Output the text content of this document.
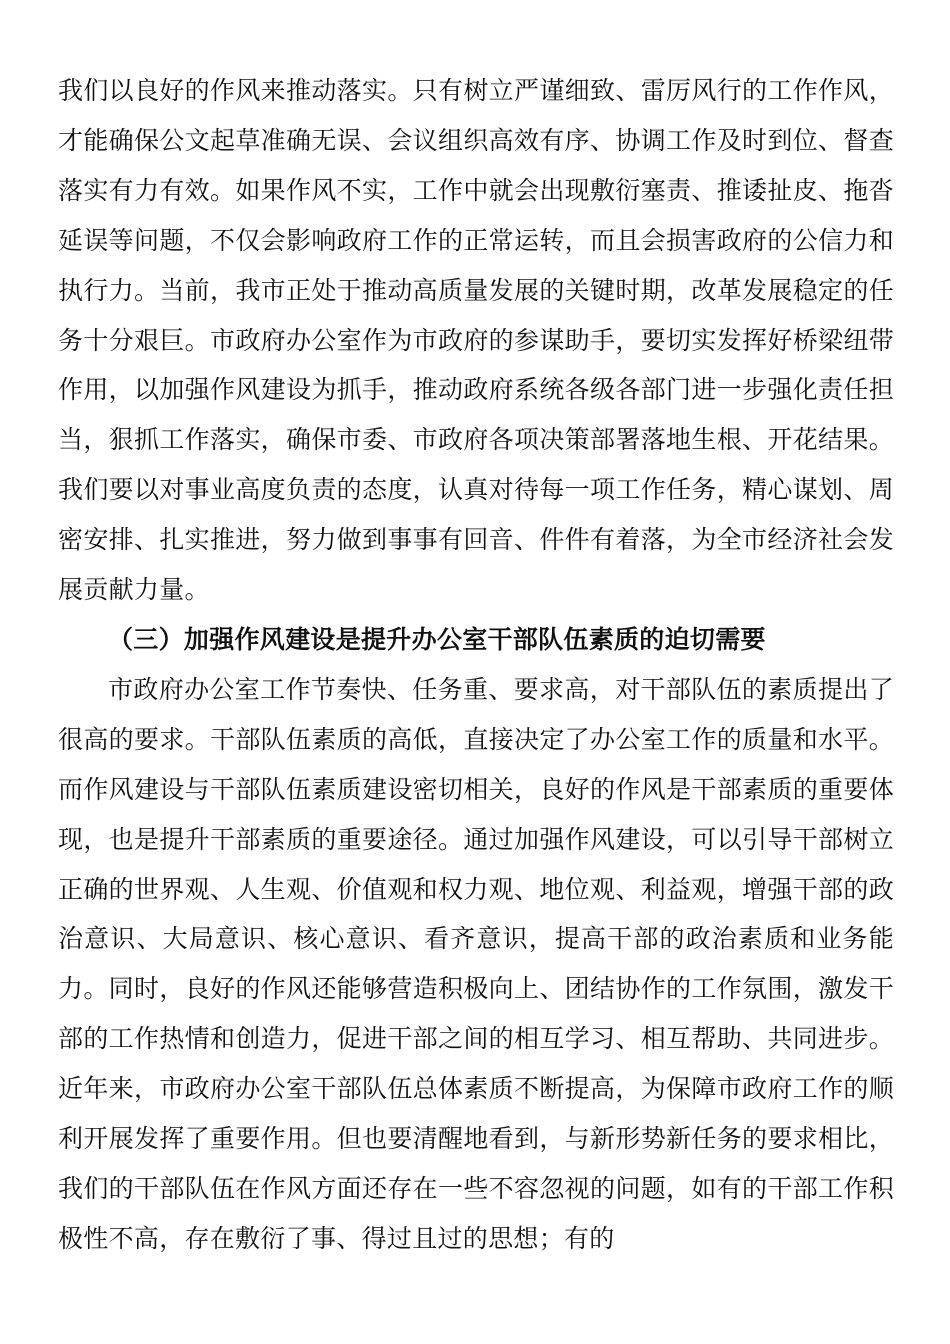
我们以良好的作风来推动落实。只有树立严谨细致、雷厉风行的工作作风，才能确保公文起草准确无误、会议组织高效有序、协调工作及时到位、督查落实有力有效。如果作风不实，工作中就会出现敷衍塞责、推诿扯皮、拖沓延误等问题，不仅会影响政府工作的正常运转，而且会损害政府的公信力和执行力。当前，我市正处于推动高质量发展的关键时期，改革发展稳定的任务十分艰巨。市政府办公室作为市政府的参谋助手，要切实发挥好桥梁纽带作用，以加强作风建设为抓手，推动政府系统各级各部门进一步强化责任担当，狠抓工作落实，确保市委、市政府各项决策部署落地生根、开花结果。我们要以对事业高度负责的态度，认真对待每一项工作任务，精心谋划、周密安排、扎实推进，努力做到事事有回音、件件有着落，为全市经济社会发展贡献力量。

（三）加强作风建设是提升办公室干部队伍素质的迫切需要

市政府办公室工作节奏快、任务重、要求高，对干部队伍的素质提出了很高的要求。干部队伍素质的高低，直接决定了办公室工作的质量和水平。而作风建设与干部队伍素质建设密切相关，良好的作风是干部素质的重要体现，也是提升干部素质的重要途径。通过加强作风建设，可以引导干部树立正确的世界观、人生观、价值观和权力观、地位观、利益观，增强干部的政治意识、大局意识、核心意识、看齐意识，提高干部的政治素质和业务能力。同时，良好的作风还能够营造积极向上、团结协作的工作氛围，激发干部的工作热情和创造力，促进干部之间的相互学习、相互帮助、共同进步。近年来，市政府办公室干部队伍总体素质不断提高，为保障市政府工作的顺利开展发挥了重要作用。但也要清醒地看到，与新形势新任务的要求相比，我们的干部队伍在作风方面还存在一些不容忽视的问题，如有的干部工作积极性不高，存在敷衍了事、得过且过的思想；有的
